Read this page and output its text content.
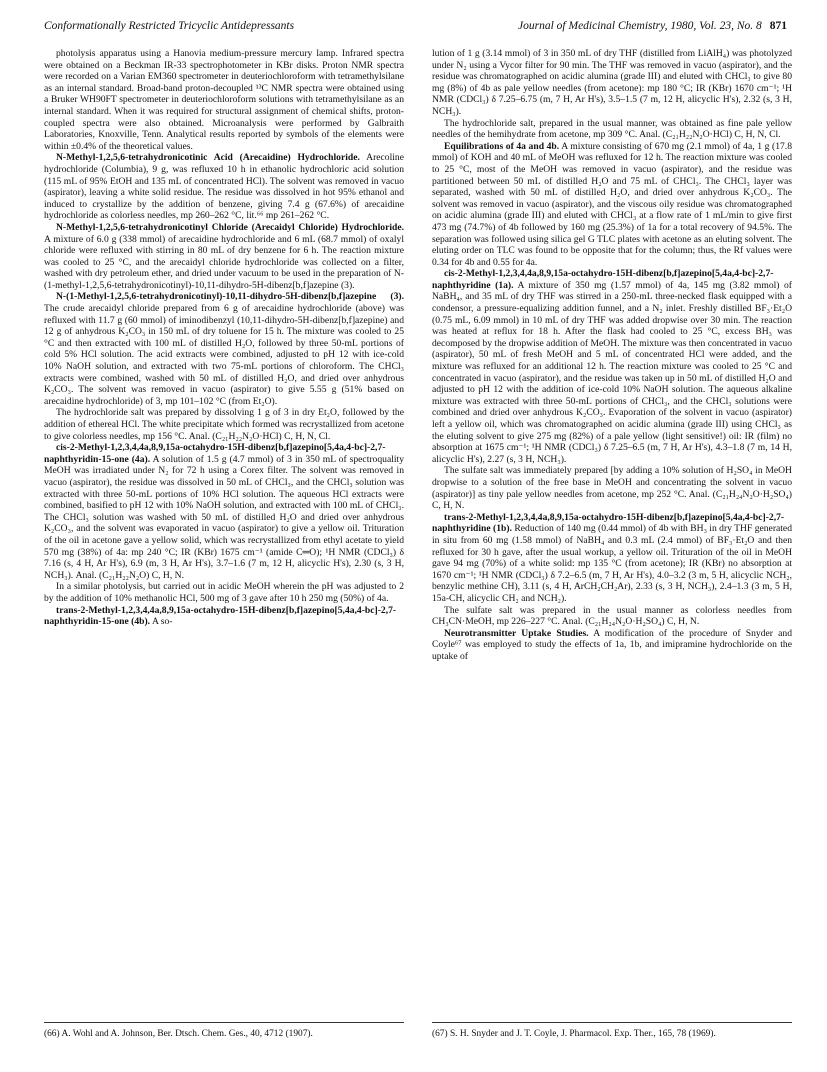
Conformationally Restricted Tricyclic Antidepressants	Journal of Medicinal Chemistry, 1980, Vol. 23, No. 8 871

photolysis apparatus using a Hanovia medium-pressure mercury lamp. Infrared spectra were obtained on a Beckman IR-33 spectrophotometer in KBr disks. Proton NMR spectra were recorded on a Varian EM360 spectrometer in deuteriochloroform with tetramethylsilane as an internal standard. Broad-band proton-decoupled ¹³C NMR spectra were obtained using a Bruker WH90FT spectrometer in deuteriochloroform solutions with tetramethylsilane as an internal standard. When it was required for structural assignment of chemical shifts, proton-coupled spectra were also obtained. Microanalysis were performed by Galbraith Laboratories, Knoxville, Tenn. Analytical results reported by symbols of the elements were within ±0.4% of the theoretical values.

N-Methyl-1,2,5,6-tetrahydronicotinic Acid (Arecaidine) Hydrochloride. Arecoline hydrochloride (Columbia), 9 g, was refluxed 10 h in ethanolic hydrochloric acid solution (115 mL of 95% EtOH and 135 mL of concentrated HCl). The solvent was removed in vacuo (aspirator), leaving a white solid residue. The residue was dissolved in hot 95% ethanol and induced to crystallize by the addition of benzene, giving 7.4 g (67.6%) of arecaidine hydrochloride as colorless needles, mp 260–262 °C, lit.⁶⁶ mp 261–262 °C.

N-Methyl-1,2,5,6-tetrahydronicotinyl Chloride (Arecaidyl Chloride) Hydrochloride. A mixture of 6.0 g (338 mmol) of arecaidine hydrochloride and 6 mL (68.7 mmol) of oxalyl chloride were refluxed with stirring in 80 mL of dry benzene for 6 h. The reaction mixture was cooled to 25 °C, and the arecaidyl chloride hydrochloride was collected on a filter, washed with dry petroleum ether, and dried under vacuum to be used in the preparation of N-(1-methyl-1,2,5,6-tetrahydronicotinyl)-10,11-dihydro-5H-dibenz[b,f]azepine (3).

N-(1-Methyl-1,2,5,6-tetrahydronicotinyl)-10,11-dihydro-5H-dibenz[b,f]azepine (3). The crude arecaidyl chloride prepared from 6 g of arecaidine hydrochloride (above) was refluxed with 11.7 g (60 mmol) of iminodibenzyl (10,11-dihydro-5H-dibenz[b,f]azepine) and 12 g of anhydrous K₂CO₃ in 150 mL of dry toluene for 15 h. The mixture was cooled to 25 °C and then extracted with 100 mL of distilled H₂O, followed by three 50-mL portions of cold 5% HCl solution. The acid extracts were combined, adjusted to pH 12 with ice-cold 10% NaOH solution, and extracted with two 75-mL portions of chloroform. The CHCl₃ extracts were combined, washed with 50 mL of distilled H₂O, and dried over anhydrous K₂CO₃. The solvent was removed in vacuo (aspirator) to give 5.55 g (51% based on arecaidine hydrochloride) of 3, mp 101–102 °C (from Et₂O).

The hydrochloride salt was prepared by dissolving 1 g of 3 in dry Et₂O, followed by the addition of ethereal HCl. The white precipitate which formed was recrystallized from acetone to give colorless needles, mp 156 °C. Anal. (C₂₁H₂₂N₂O·HCl) C, H, N, Cl.

cis-2-Methyl-1,2,3,4,4a,8,9,15a-octahydro-15H-dibenz[b,f]azepino[5,4a,4-bc]-2,7-naphthyridin-15-one (4a). A solution of 1.5 g (4.7 mmol) of 3 in 350 mL of spectroquality MeOH was irradiated under N₂ for 72 h using a Corex filter. The solvent was removed in vacuo (aspirator), the residue was dissolved in 50 mL of CHCl₃, and the CHCl₃ solution was extracted with three 50-mL portions of 10% HCl solution. The aqueous HCl extracts were combined, basified to pH 12 with 10% NaOH solution, and extracted with 100 mL of CHCl₃. The CHCl₃ solution was washed with 50 mL of distilled H₂O and dried over anhydrous K₂CO₃, and the solvent was evaporated in vacuo (aspirator) to give a yellow oil. Trituration of the oil in acetone gave a yellow solid, which was recrystallized from ethyl acetate to yield 570 mg (38%) of 4a: mp 240 °C; IR (KBr) 1675 cm⁻¹ (amide C═O); ¹H NMR (CDCl₃) δ 7.16 (s, 4 H, Ar H's), 6.9 (m, 3 H, Ar H's), 3.7–1.6 (7 m, 12 H, alicyclic H's), 2.30 (s, 3 H, NCH₃). Anal. (C₂₁H₂₂N₂O) C, H, N.

In a similar photolysis, but carried out in acidic MeOH wherein the pH was adjusted to 2 by the addition of 10% methanolic HCl, 500 mg of 3 gave after 10 h 250 mg (50%) of 4a.

trans-2-Methyl-1,2,3,4,4a,8,9,15a-octahydro-15H-dibenz[b,f]azepino[5,4a,4-bc]-2,7-naphthyridin-15-one (4b). A so-

lution of 1 g (3.14 mmol) of 3 in 350 mL of dry THF (distilled from LiAlH₄) was photolyzed under N₂ using a Vycor filter for 90 min. The THF was removed in vacuo (aspirator), and the residue was chromatographed on acidic alumina (grade III) and eluted with CHCl₃ to give 80 mg (8%) of 4b as pale yellow needles (from acetone): mp 180 °C; IR (KBr) 1670 cm⁻¹; ¹H NMR (CDCl₃) δ 7.25–6.75 (m, 7 H, Ar H's), 3.5–1.5 (7 m, 12 H, alicyclic H's), 2.32 (s, 3 H, NCH₃).

The hydrochloride salt, prepared in the usual manner, was obtained as fine pale yellow needles of the hemihydrate from acetone, mp 309 °C. Anal. (C₂₁H₂₂N₂O·HCl) C, H, N, Cl.

Equilibrations of 4a and 4b. A mixture consisting of 670 mg (2.1 mmol) of 4a, 1 g (17.8 mmol) of KOH and 40 mL of MeOH was refluxed for 12 h. The reaction mixture was cooled to 25 °C, most of the MeOH was removed in vacuo (aspirator), and the residue was partitioned between 50 mL of distilled H₂O and 75 mL of CHCl₃. The CHCl₃ layer was separated, washed with 50 mL of distilled H₂O, and dried over anhydrous K₂CO₃. The solvent was removed in vacuo (aspirator), and the viscous oily residue was chromatographed on acidic alumina (grade III) and eluted with CHCl₃ at a flow rate of 1 mL/min to give first 473 mg (74.7%) of 4b followed by 160 mg (25.3%) of 1a for a total recovery of 94.5%. The separation was followed using silica gel G TLC plates with acetone as an eluting solvent. The eluting order on TLC was found to be opposite that for the column; thus, the Rf values were 0.34 for 4b and 0.55 for 4a.

cis-2-Methyl-1,2,3,4,4a,8,9,15a-octahydro-15H-dibenz[b,f]azepino[5,4a,4-bc]-2,7-naphthyridine (1a). A mixture of 350 mg (1.57 mmol) of 4a, 145 mg (3.82 mmol) of NaBH₄, and 35 mL of dry THF was stirred in a 250-mL three-necked flask equipped with a condensor, a pressure-equalizing addition funnel, and a N₂ inlet. Freshly distilled BF₃·Et₂O (0.75 mL, 6.09 mmol) in 10 mL of dry THF was added dropwise over 30 min. The reaction was heated at reflux for 18 h. After the flask had cooled to 25 °C, excess BH₃ was decomposed by the dropwise addition of MeOH. The mixture was then concentrated in vacuo (aspirator), 50 mL of fresh MeOH and 5 mL of concentrated HCl were added, and the mixture was refluxed for an additional 12 h. The reaction mixture was cooled to 25 °C and concentrated in vacuo (aspirator), and the residue was taken up in 50 mL of distilled H₂O and adjusted to pH 12 with the addition of ice-cold 10% NaOH solution. The aqueous alkaline mixture was extracted with three 50-mL portions of CHCl₃, and the CHCl₃ solutions were combined and dried over anhydrous K₂CO₃. Evaporation of the solvent in vacuo (aspirator) left a yellow oil, which was chromatographed on acidic alumina (grade III) using CHCl₃ as the eluting solvent to give 275 mg (82%) of a pale yellow (light sensitive!) oil: IR (film) no absorption at 1675 cm⁻¹; ¹H NMR (CDCl₃) δ 7.25–6.5 (m, 7 H, Ar H's), 4.3–1.8 (7 m, 14 H, alicyclic H's), 2.27 (s, 3 H, NCH₃).

The sulfate salt was immediately prepared [by adding a 10% solution of H₂SO₄ in MeOH dropwise to a solution of the free base in MeOH and concentrating the solvent in vacuo (aspirator)] as tiny pale yellow needles from acetone, mp 252 °C. Anal. (C₂₁H₂₄N₂O·H₂SO₄) C, H, N.

trans-2-Methyl-1,2,3,4,4a,8,9,15a-octahydro-15H-dibenz[b,f]azepino[5,4a,4-bc]-2,7-naphthyridine (1b). Reduction of 140 mg (0.44 mmol) of 4b with BH₃ in dry THF generated in situ from 60 mg (1.58 mmol) of NaBH₄ and 0.3 mL (2.4 mmol) of BF₃·Et₂O and then refluxed for 30 h gave, after the usual workup, a yellow oil. Trituration of the oil in MeOH gave 94 mg (70%) of a white solid: mp 135 °C (from acetone); IR (KBr) no absorption at 1670 cm⁻¹; ¹H NMR (CDCl₃) δ 7.2–6.5 (m, 7 H, Ar H's), 4.0–3.2 (3 m, 5 H, alicyclic NCH₂, benzylic methine CH), 3.11 (s, 4 H, ArCH₂CH₂Ar), 2.33 (s, 3 H, NCH₃), 2.4–1.3 (3 m, 5 H, 15a-CH, alicyclic CH₂ and NCH₂).

The sulfate salt was prepared in the usual manner as colorless needles from CH₃CN·MeOH, mp 226–227 °C. Anal. (C₂₁H₂₄N₂O·H₂SO₄) C, H, N.

Neurotransmitter Uptake Studies. A modification of the procedure of Snyder and Coyle⁶⁷ was employed to study the effects of 1a, 1b, and imipramine hydrochloride on the uptake of

(66) A. Wohl and A. Johnson, Ber. Dtsch. Chem. Ges., 40, 4712 (1907).	(67) S. H. Snyder and J. T. Coyle, J. Pharmacol. Exp. Ther., 165, 78 (1969).
